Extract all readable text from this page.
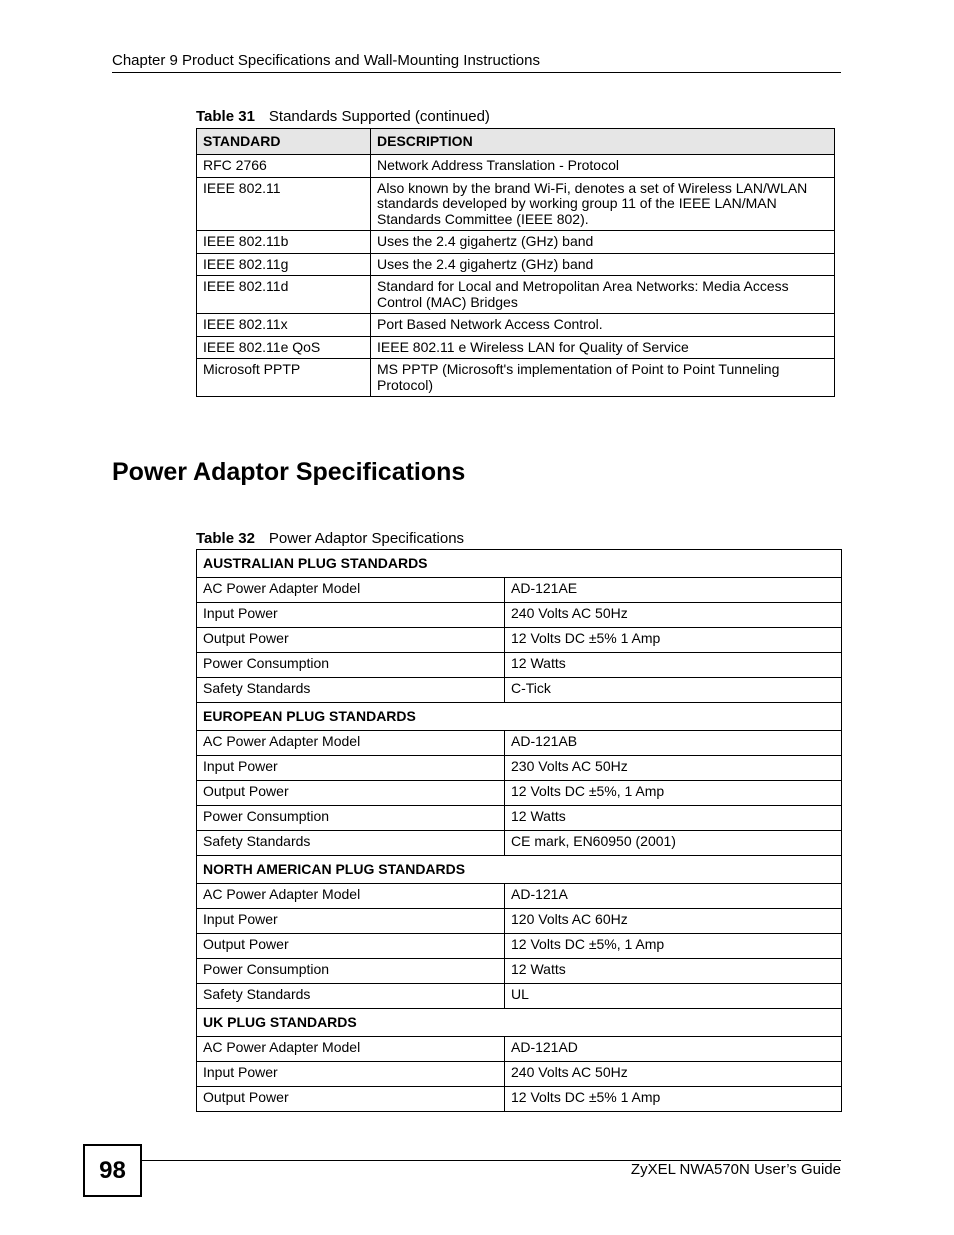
Chapter 9 Product Specifications and Wall-Mounting Instructions
Table 31 Standards Supported (continued)
STANDARD	DESCRIPTION
RFC 2766	Network Address Translation - Protocol
IEEE 802.11	Also known by the brand Wi-Fi, denotes a set of Wireless LAN/WLAN standards developed by working group 11 of the IEEE LAN/MAN Standards Committee (IEEE 802).
IEEE 802.11b	Uses the 2.4 gigahertz (GHz) band
IEEE 802.11g	Uses the 2.4 gigahertz (GHz) band
IEEE 802.11d	Standard for Local and Metropolitan Area Networks: Media Access Control (MAC) Bridges
IEEE 802.11x	Port Based Network Access Control.
IEEE 802.11e QoS	IEEE 802.11 e Wireless LAN for Quality of Service
Microsoft PPTP	MS PPTP (Microsoft's implementation of Point to Point Tunneling Protocol)
Power Adaptor Specifications
Table 32 Power Adaptor Specifications
AUSTRALIAN PLUG STANDARDS	
AC Power Adapter Model	AD-121AE
Input Power	240 Volts AC 50Hz
Output Power	12 Volts DC ±5% 1 Amp
Power Consumption	12 Watts
Safety Standards	C-Tick
EUROPEAN PLUG STANDARDS	
AC Power Adapter Model	AD-121AB
Input Power	230 Volts AC 50Hz
Output Power	12 Volts DC ±5%, 1 Amp
Power Consumption	12 Watts
Safety Standards	CE mark, EN60950 (2001)
NORTH AMERICAN PLUG STANDARDS	
AC Power Adapter Model	AD-121A
Input Power	120 Volts AC 60Hz
Output Power	12 Volts DC ±5%, 1 Amp
Power Consumption	12 Watts
Safety Standards	UL
UK PLUG STANDARDS	
AC Power Adapter Model	AD-121AD
Input Power	240 Volts AC 50Hz
Output Power	12 Volts DC ±5% 1 Amp
98	ZyXEL NWA570N User’s Guide
